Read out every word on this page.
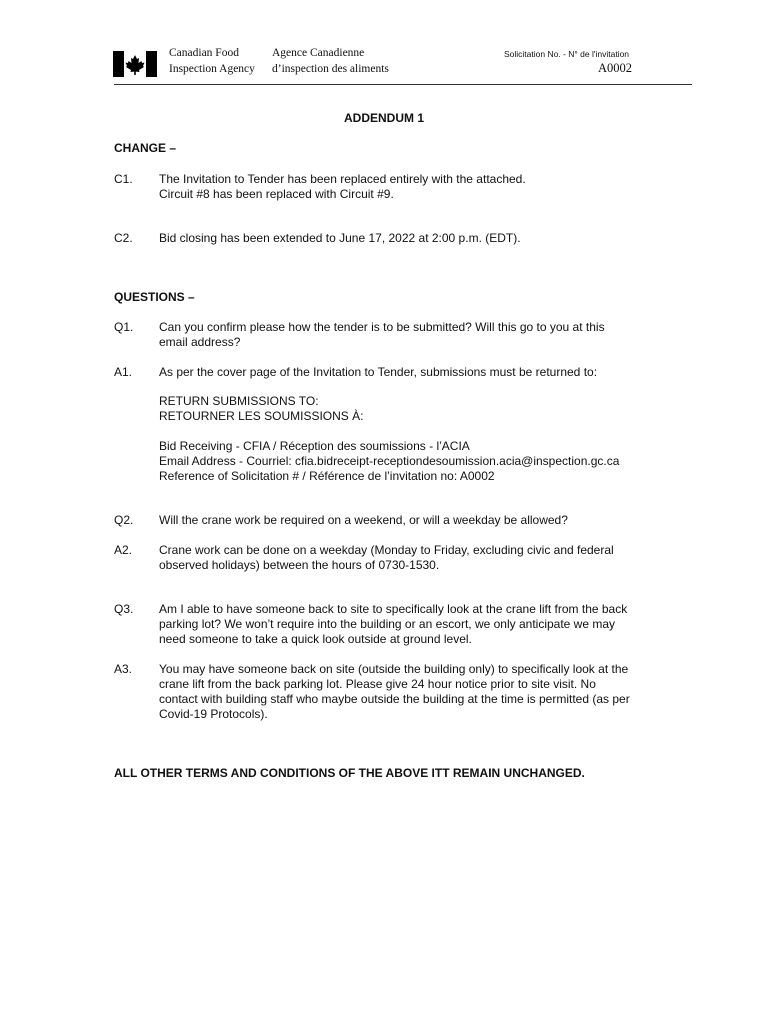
Canadian Food
Inspection Agency
Agence Canadienne
d’inspection des aliments
Solicitation No. - N° de l'invitation
A0002
ADDENDUM 1
CHANGE –
C1. The Invitation to Tender has been replaced entirely with the attached.
Circuit #8 has been replaced with Circuit #9.
C2. Bid closing has been extended to June 17, 2022 at 2:00 p.m. (EDT).
QUESTIONS –
Q1. Can you confirm please how the tender is to be submitted? Will this go to you at this
email address?
A1. As per the cover page of the Invitation to Tender, submissions must be returned to:
RETURN SUBMISSIONS TO:
RETOURNER LES SOUMISSIONS À:
Bid Receiving - CFIA / Réception des soumissions - l’ACIA
Email Address - Courriel: cfia.bidreceipt-receptiondesoumission.acia@inspection.gc.ca
Reference of Solicitation # / Référence de l’invitation no: A0002
Q2. Will the crane work be required on a weekend, or will a weekday be allowed?
A2. Crane work can be done on a weekday (Monday to Friday, excluding civic and federal
observed holidays) between the hours of 0730-1530.
Q3. Am I able to have someone back to site to specifically look at the crane lift from the back
parking lot? We won’t require into the building or an escort, we only anticipate we may
need someone to take a quick look outside at ground level.
A3. You may have someone back on site (outside the building only) to specifically look at the
crane lift from the back parking lot. Please give 24 hour notice prior to site visit. No
contact with building staff who maybe outside the building at the time is permitted (as per
Covid-19 Protocols).
ALL OTHER TERMS AND CONDITIONS OF THE ABOVE ITT REMAIN UNCHANGED.
